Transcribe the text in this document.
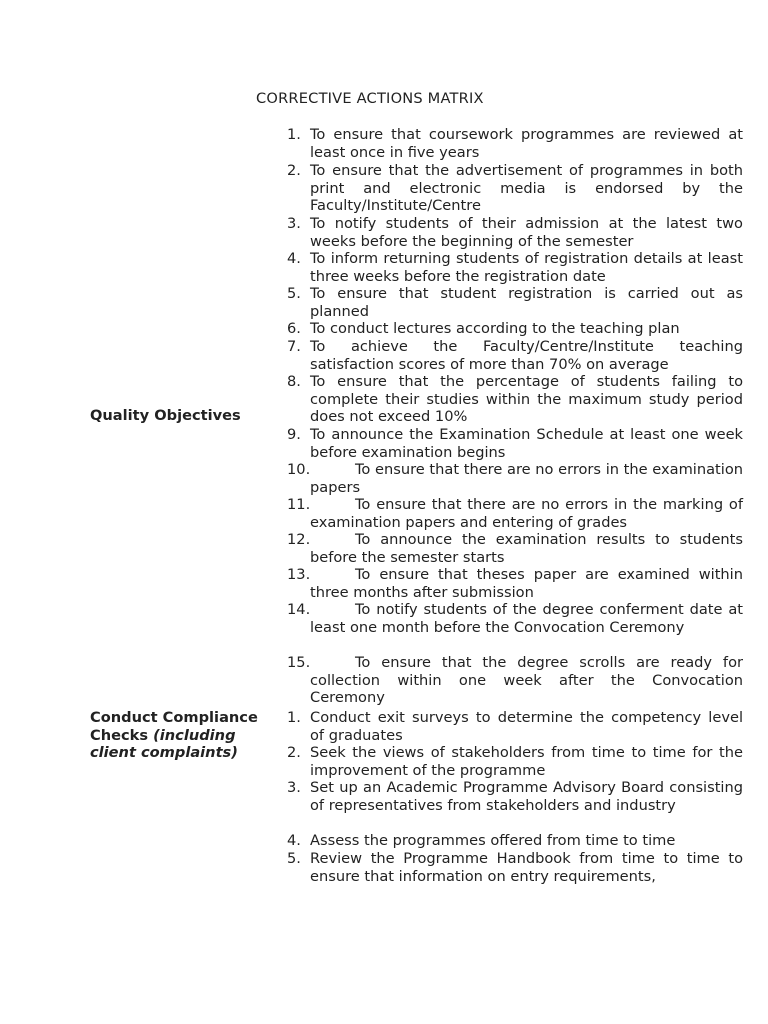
CORRECTIVE ACTIONS MATRIX
Quality Objectives
1. To ensure that coursework programmes are reviewed at least once in five years
2. To ensure that the advertisement of programmes in both print and electronic media is endorsed by the Faculty/Institute/Centre
3. To notify students of their admission at the latest two weeks before the beginning of the semester
4. To inform returning students of registration details at least three weeks before the registration date
5. To ensure that student registration is carried out as planned
6. To conduct lectures according to the teaching plan
7. To achieve the Faculty/Centre/Institute teaching satisfaction scores of more than 70% on average
8. To ensure that the percentage of students failing to complete their studies within the maximum study period does not exceed 10%
9. To announce the Examination Schedule at least one week before examination begins
10.	To ensure that there are no errors in the examination papers
11.	To ensure that there are no errors in the marking of examination papers and entering of grades
12.	To announce the examination results to students before the semester starts
13.	To ensure that theses paper are examined within three months after submission
14.	To notify students of the degree conferment date at least one month before the Convocation Ceremony
15.	To ensure that the degree scrolls are ready for collection within one week after the Convocation Ceremony
Conduct Compliance
Checks (including
client complaints)
1. Conduct exit surveys to determine the competency level of graduates
2. Seek the views of stakeholders from time to time for the improvement of the programme
3. Set up an Academic Programme Advisory Board consisting of representatives from stakeholders and industry
4. Assess the programmes offered from time to time
5. Review the Programme Handbook from time to time to ensure that information on entry requirements,
